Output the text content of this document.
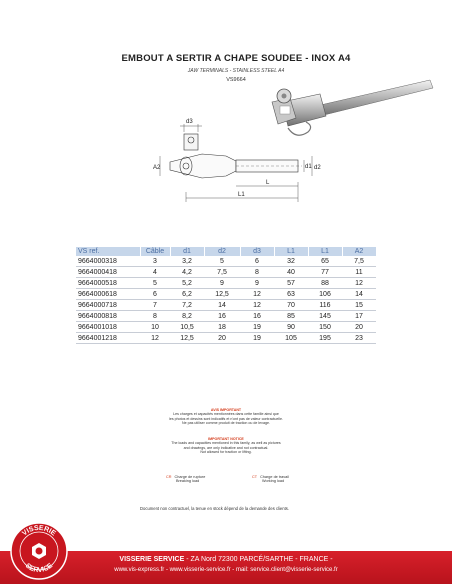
EMBOUT A SERTIR A CHAPE SOUDEE - INOX A4
JAW TERMINALS - STAINLESS STEEL A4
VS9664
d3
A2
L
L1
d1 d2
VS ref.	Câble	d1	d2	d3	L1	L1	A2
9664000318	3	3,2	5	6	32	65	7,5
9664000418	4	4,2	7,5	8	40	77	11
9664000518	5	5,2	9	9	57	88	12
9664000618	6	6,2	12,5	12	63	106	14
9664000718	7	7,2	14	12	70	116	15
9664000818	8	8,2	16	16	85	145	17
9664001018	10	10,5	18	19	90	150	20
9664001218	12	12,5	20	19	105	195	23
AVIS IMPORTANT
Les charges et capacités mentionnées dans cette famille ainsi que
les photos et dessins sont indicatifs et n'ont pas de valeur contractuelle.
Ne pas utiliser comme produit de traction ou de levage.
IMPORTANT NOTICE
The loads and capacities mentioned in this family, as well as pictures
and drawings, are only indicative and not contractual.
Not allowed for traction or lifting.
CR Charge de rupture
Breaking load
CT Charge de travail
Working load
Document non contractuel, la tenue en stock dépend de la demande des clients.
VISSERIE SERVICE - ZA Nord 72300 PARCÉ/SARTHE - FRANCE -
www.vis-express.fr - www.visserie-service.fr - mail: service.client@visserie-service.fr
VISSERIE
SERVICE
